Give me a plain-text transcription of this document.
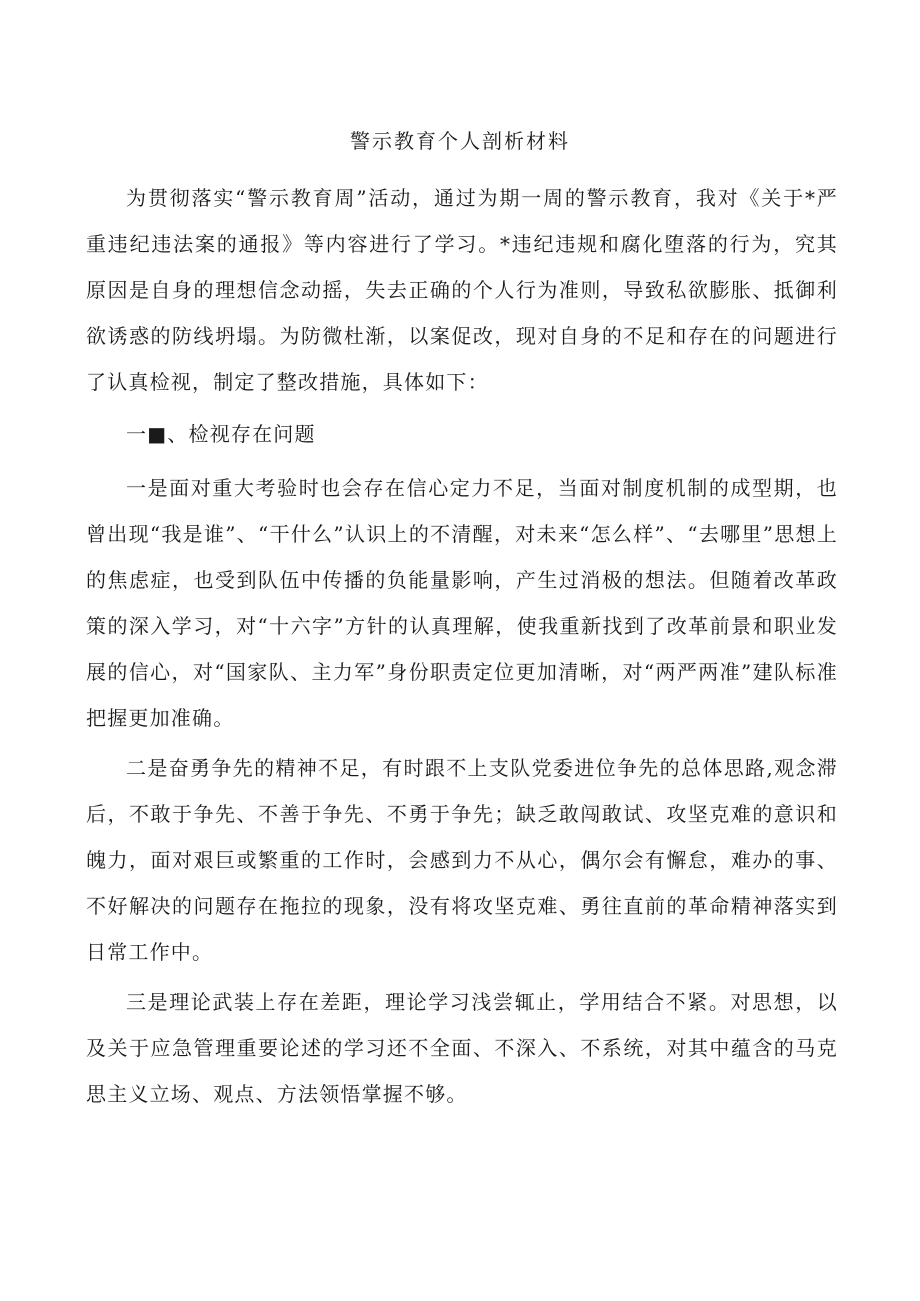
警示教育个人剖析材料

为贯彻落实“警示教育周”活动，通过为期一周的警示教育，我对《关于*严重违纪违法案的通报》等内容进行了学习。*违纪违规和腐化堕落的行为，究其原因是自身的理想信念动摇，失去正确的个人行为准则，导致私欲膨胀、抵御利欲诱惑的防线坍塌。为防微杜渐，以案促改，现对自身的不足和存在的问题进行了认真检视，制定了整改措施，具体如下：

一■、检视存在问题

一是面对重大考验时也会存在信心定力不足，当面对制度机制的成型期，也曾出现“我是谁”、“干什么”认识上的不清醒，对未来“怎么样”、“去哪里”思想上的焦虑症，也受到队伍中传播的负能量影响，产生过消极的想法。但随着改革政策的深入学习，对“十六字”方针的认真理解，使我重新找到了改革前景和职业发展的信心，对“国家队、主力军”身份职责定位更加清晰，对“两严两准”建队标准把握更加准确。

二是奋勇争先的精神不足，有时跟不上支队党委进位争先的总体思路,观念滞后，不敢于争先、不善于争先、不勇于争先；缺乏敢闯敢试、攻坚克难的意识和魄力，面对艰巨或繁重的工作时，会感到力不从心，偶尔会有懈怠，难办的事、不好解决的问题存在拖拉的现象，没有将攻坚克难、勇往直前的革命精神落实到日常工作中。

三是理论武装上存在差距，理论学习浅尝辄止，学用结合不紧。对思想，以及关于应急管理重要论述的学习还不全面、不深入、不系统，对其中蕴含的马克思主义立场、观点、方法领悟掌握不够。
